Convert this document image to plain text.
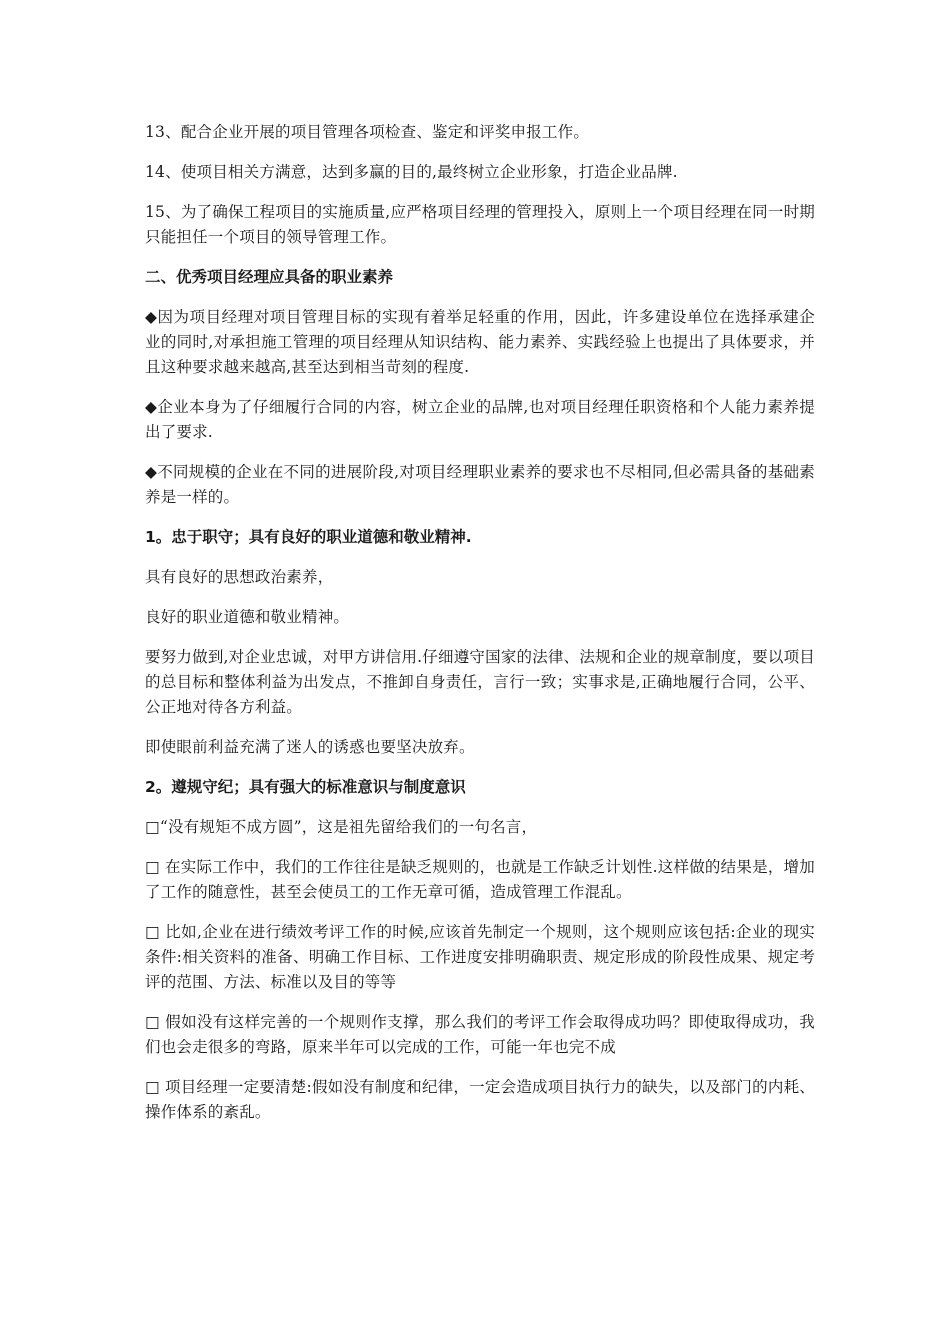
13、配合企业开展的项目管理各项检查、鉴定和评奖申报工作。

14、使项目相关方满意，达到多赢的目的,最终树立企业形象，打造企业品牌.

15、为了确保工程项目的实施质量,应严格项目经理的管理投入，原则上一个项目经理在同一时期只能担任一个项目的领导管理工作。

二、优秀项目经理应具备的职业素养

◆因为项目经理对项目管理目标的实现有着举足轻重的作用，因此，许多建设单位在选择承建企业的同时,对承担施工管理的项目经理从知识结构、能力素养、实践经验上也提出了具体要求，并且这种要求越来越高,甚至达到相当苛刻的程度.

◆企业本身为了仔细履行合同的内容，树立企业的品牌,也对项目经理任职资格和个人能力素养提出了要求.

◆不同规模的企业在不同的进展阶段,对项目经理职业素养的要求也不尽相同,但必需具备的基础素养是一样的。

1。忠于职守；具有良好的职业道德和敬业精神.

具有良好的思想政治素养，

良好的职业道德和敬业精神。

要努力做到,对企业忠诚，对甲方讲信用.仔细遵守国家的法律、法规和企业的规章制度，要以项目的总目标和整体利益为出发点，不推卸自身责任，言行一致；实事求是,正确地履行合同，公平、公正地对待各方利益。

即使眼前利益充满了迷人的诱惑也要坚决放弃。

2。遵规守纪；具有强大的标准意识与制度意识

□“没有规矩不成方圆”，这是祖先留给我们的一句名言，

□ 在实际工作中，我们的工作往往是缺乏规则的，也就是工作缺乏计划性.这样做的结果是，增加了工作的随意性，甚至会使员工的工作无章可循，造成管理工作混乱。

□ 比如,企业在进行绩效考评工作的时候,应该首先制定一个规则，这个规则应该包括:企业的现实条件:相关资料的准备、明确工作目标、工作进度安排明确职责、规定形成的阶段性成果、规定考评的范围、方法、标准以及目的等等

□ 假如没有这样完善的一个规则作支撑，那么我们的考评工作会取得成功吗？即使取得成功，我们也会走很多的弯路，原来半年可以完成的工作，可能一年也完不成

□ 项目经理一定要清楚:假如没有制度和纪律，一定会造成项目执行力的缺失，以及部门的内耗、操作体系的紊乱。
